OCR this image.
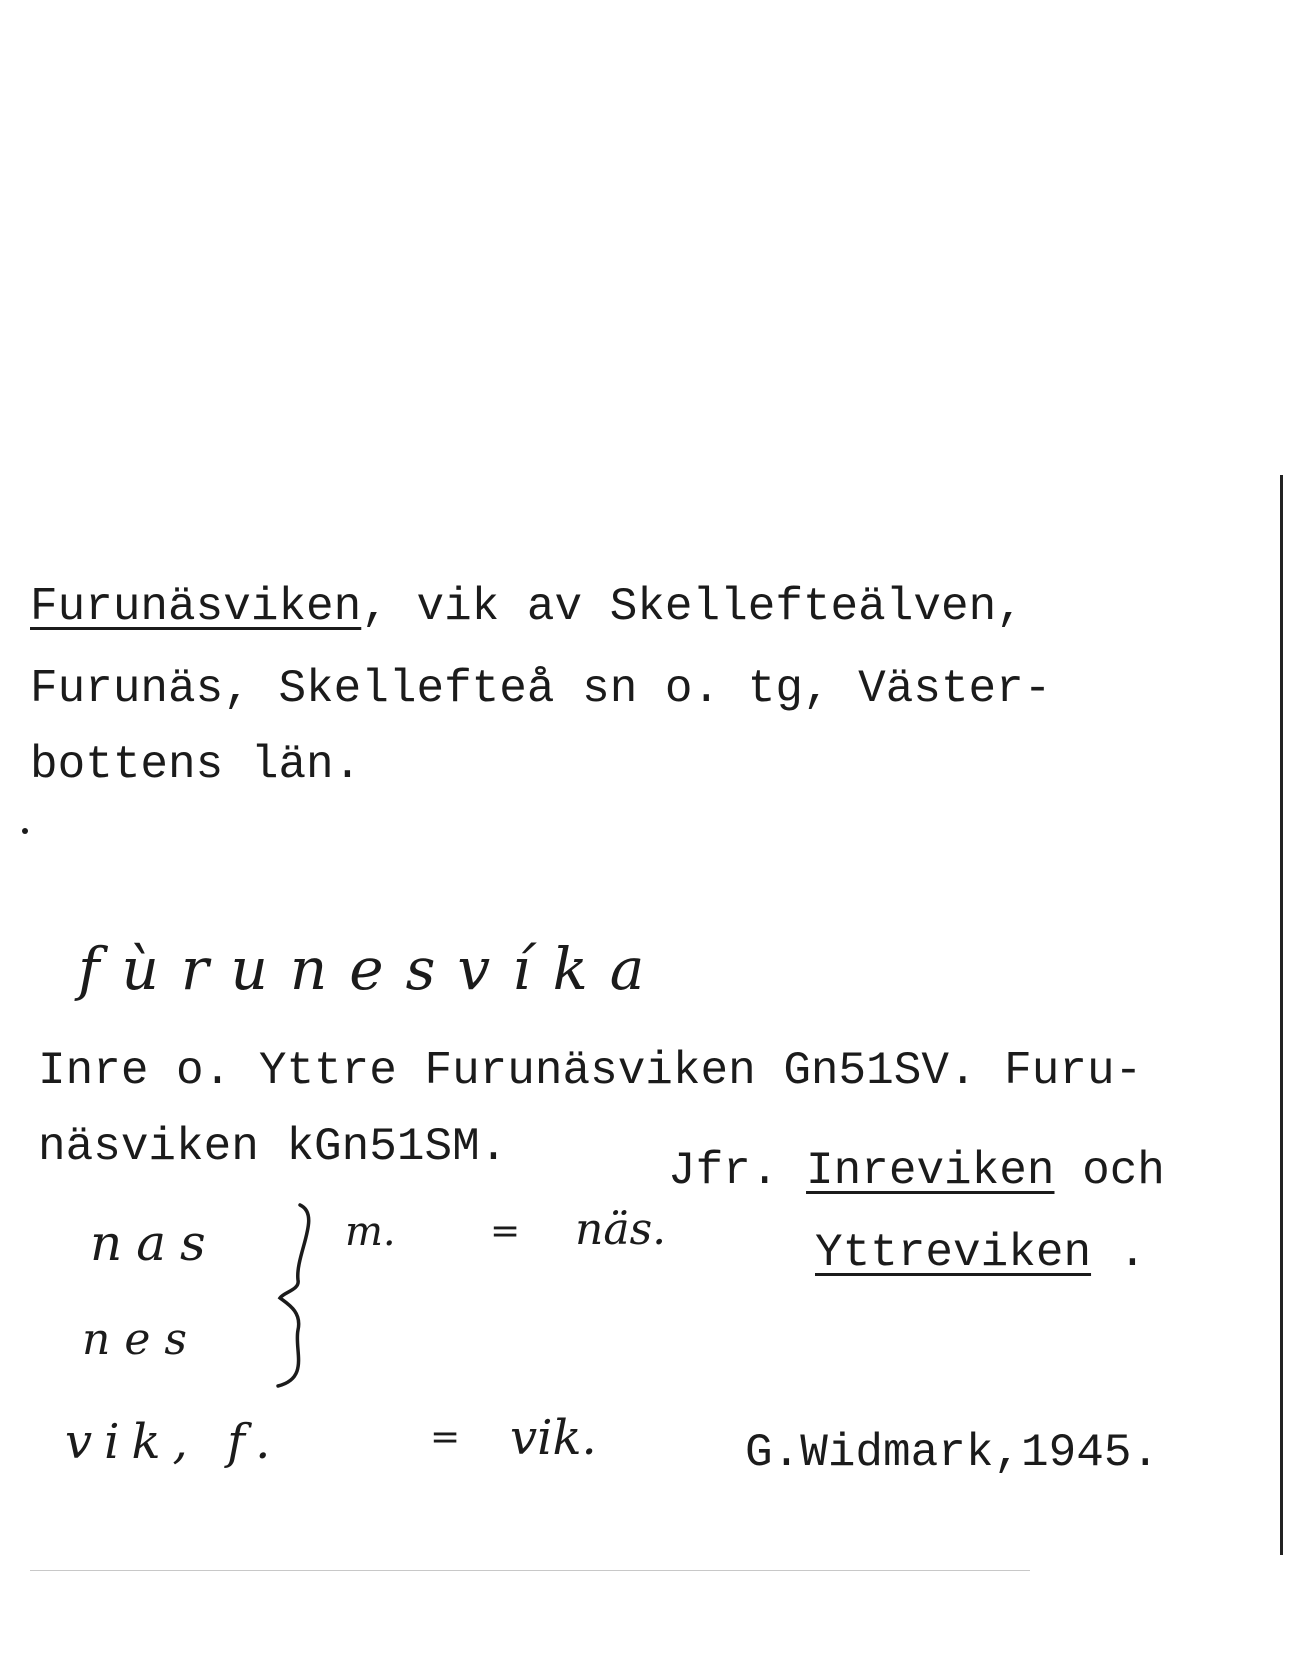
Furunäsviken, vik av Skellefteälven,
Furunäs, Skellefteå sn o. tg, Väster-
bottens län.
fùrunesvíka
Inre o. Yttre Furunäsviken Gn51SV. Furu-
näsviken kGn51SM.	Jfr. Inreviken och
Yttreviken .
nas
nes
m.	= näs.
vik, f.	= vik.	G.Widmark,1945.
